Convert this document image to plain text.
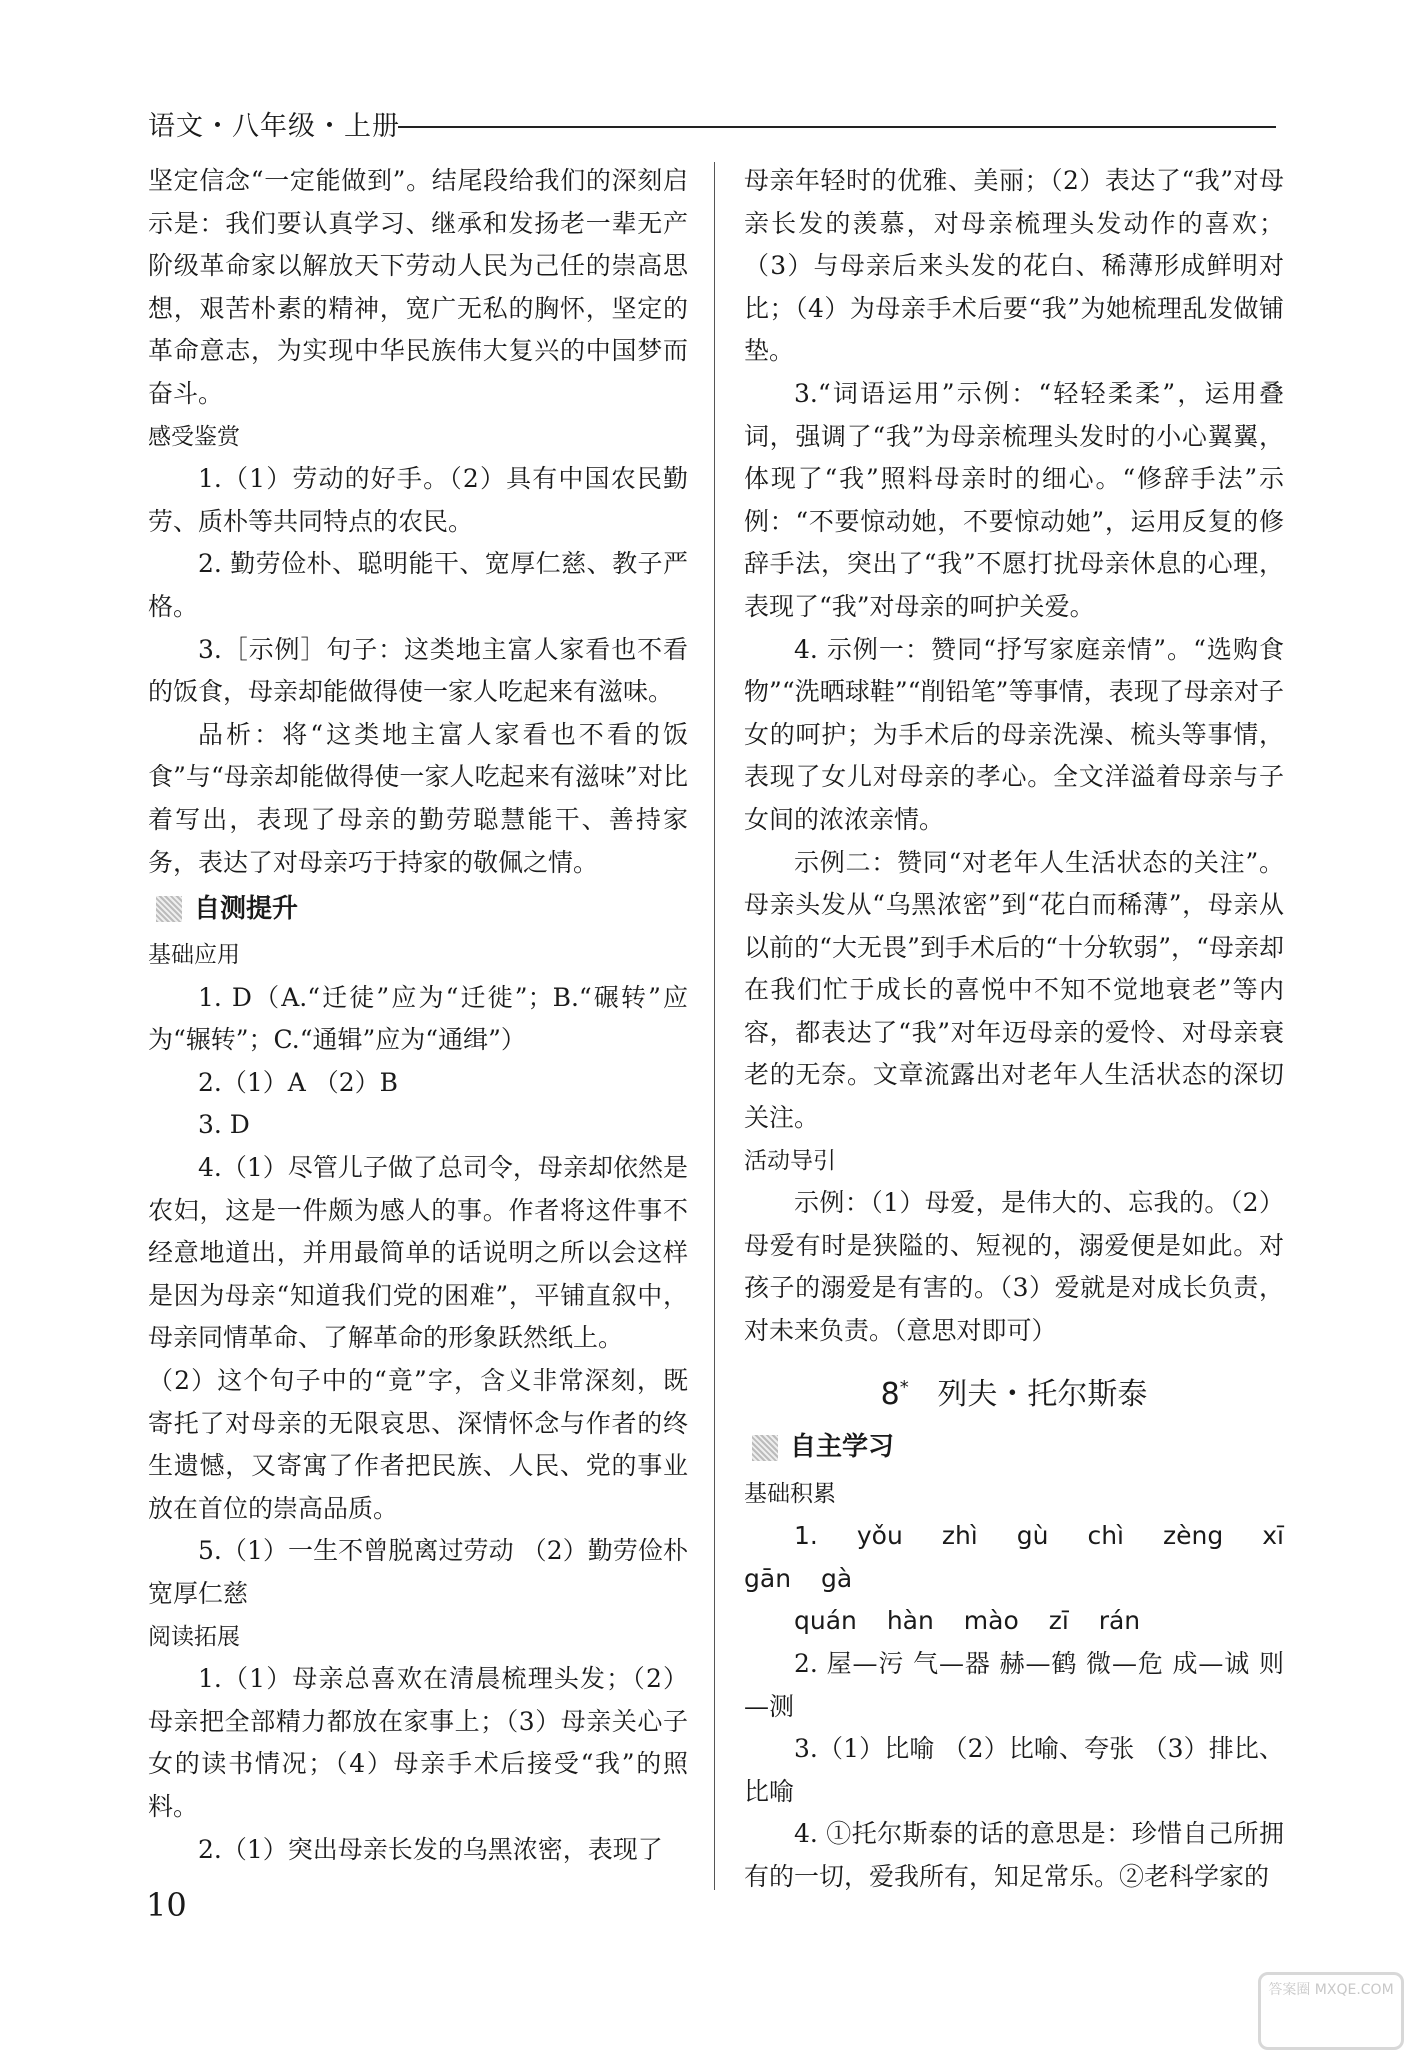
语文・八年级・上册

坚定信念“一定能做到”。结尾段给我们的深刻启示是：我们要认真学习、继承和发扬老一辈无产阶级革命家以解放天下劳动人民为己任的崇高思想，艰苦朴素的精神，宽广无私的胸怀，坚定的革命意志，为实现中华民族伟大复兴的中国梦而奋斗。

感受鉴赏

1.（1）劳动的好手。（2）具有中国农民勤劳、质朴等共同特点的农民。

2. 勤劳俭朴、聪明能干、宽厚仁慈、教子严格。

3.［示例］句子：这类地主富人家看也不看的饭食，母亲却能做得使一家人吃起来有滋味。

品析：将“这类地主富人家看也不看的饭食”与“母亲却能做得使一家人吃起来有滋味”对比着写出，表现了母亲的勤劳聪慧能干、善持家务，表达了对母亲巧于持家的敬佩之情。

自测提升
基础应用

1. D（A.“迁徒”应为“迁徙”；B.“碾转”应为“辗转”；C.“通辑”应为“通缉”）

2.（1）A （2）B

3. D

4.（1）尽管儿子做了总司令，母亲却依然是农妇，这是一件颇为感人的事。作者将这件事不经意地道出，并用最简单的话说明之所以会这样是因为母亲“知道我们党的困难”，平铺直叙中，母亲同情革命、了解革命的形象跃然纸上。

（2）这个句子中的“竟”字，含义非常深刻，既寄托了对母亲的无限哀思、深情怀念与作者的终生遗憾，又寄寓了作者把民族、人民、党的事业放在首位的崇高品质。

5.（1）一生不曾脱离过劳动 （2）勤劳俭朴 宽厚仁慈

阅读拓展

1.（1）母亲总喜欢在清晨梳理头发；（2）母亲把全部精力都放在家事上；（3）母亲关心子女的读书情况；（4）母亲手术后接受“我”的照料。

2.（1）突出母亲长发的乌黑浓密，表现了

母亲年轻时的优雅、美丽；（2）表达了“我”对母亲长发的羡慕，对母亲梳理头发动作的喜欢；（3）与母亲后来头发的花白、稀薄形成鲜明对比；（4）为母亲手术后要“我”为她梳理乱发做铺垫。

3.“词语运用”示例：“轻轻柔柔”，运用叠词，强调了“我”为母亲梳理头发时的小心翼翼，体现了“我”照料母亲时的细心。“修辞手法”示例：“不要惊动她，不要惊动她”，运用反复的修辞手法，突出了“我”不愿打扰母亲休息的心理，表现了“我”对母亲的呵护关爱。

4. 示例一：赞同“抒写家庭亲情”。“选购食物”“洗晒球鞋”“削铅笔”等事情，表现了母亲对子女的呵护；为手术后的母亲洗澡、梳头等事情，表现了女儿对母亲的孝心。全文洋溢着母亲与子女间的浓浓亲情。

示例二：赞同“对老年人生活状态的关注”。母亲头发从“乌黑浓密”到“花白而稀薄”，母亲从以前的“大无畏”到手术后的“十分软弱”，“母亲却在我们忙于成长的喜悦中不知不觉地衰老”等内容，都表达了“我”对年迈母亲的爱怜、对母亲衰老的无奈。文章流露出对老年人生活状态的深切关注。

活动导引

示例：（1）母爱，是伟大的、忘我的。（2）母爱有时是狭隘的、短视的，溺爱便是如此。对孩子的溺爱是有害的。（3）爱就是对成长负责，对未来负责。（意思对即可）

8* 列夫・托尔斯泰
自主学习
基础积累

1. yǒu zhì gù chì zèng xī gān gà

quán hàn mào zī rán

2. 屋—污 气—器 赫—鹤 微—危 成—诚 则—测

3.（1）比喻 （2）比喻、夸张 （3）排比、比喻

4. ①托尔斯泰的话的意思是：珍惜自己所拥有的一切，爱我所有，知足常乐。②老科学家的

10
答案圈 MXQE.COM
